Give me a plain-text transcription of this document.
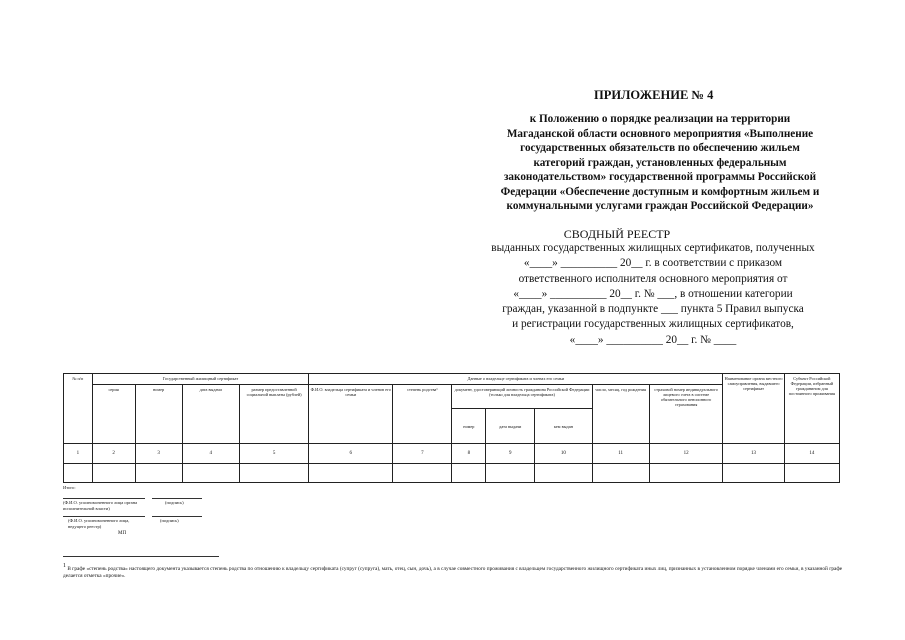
ПРИЛОЖЕНИЕ № 4
к Положению о порядке реализации на территории
Магаданской области основного мероприятия «Выполнение
государственных обязательств по обеспечению жильем
категорий граждан, установленных федеральным
законодательством» государственной программы Российской
Федерации «Обеспечение доступным и комфортным жильем и
коммунальными услугами граждан Российской Федерации»
СВОДНЫЙ РЕЕСТР
выданных государственных жилищных сертификатов, полученных
«____» __________ 20__ г. в соответствии с приказом
ответственного исполнителя основного мероприятия от
«____» __________ 20__ г. № ___, в отношении категории
граждан, указанной в подпункте ___ пункта 5 Правил выпуска
и регистрации государственных жилищных сертификатов,
«____» __________ 20__ г. № ____
№ п/п	Государственный жилищный сертификат				Данные о владельце сертификата и членах его семьи							Наименование органа местного самоуправления, выдавшего сертификат	Субъект Российской Федерации, избранный гражданином для постоянного проживания
	серия	номер	дата выдачи	размер предоставленной социальной выплаты (рублей)	Ф.И.О. владельца сертификата и членов его семьи	степень родства¹	документ, удостоверяющий личность гражданина Российской Федерации (только для владельца сертификата)			число, месяц, год рождения	страховой номер индивидуального лицевого счета в системе обязательного пенсионного страхования		
							номер	дата выдачи	кем выдан				
1	2	3	4	5	6	7	8	9	10	11	12	13	14

Итого:
(Ф.И.О. уполномоченного лица органа исполнительной власти)
(подпись)
(Ф.И.О. уполномоченного лица, ведущего реестр)
(подпись)
МП
$^1$ В графе «степень родства» настоящего документа указывается степень родства по отношению к владельцу сертификата (супруг (супруга), мать, отец, сын, дочь), а в случае совместного проживания с владельцем государственного жилищного сертификата иных лиц, признанных в установленном порядке членами его семьи, в указанной графе делается отметка «прочие».
